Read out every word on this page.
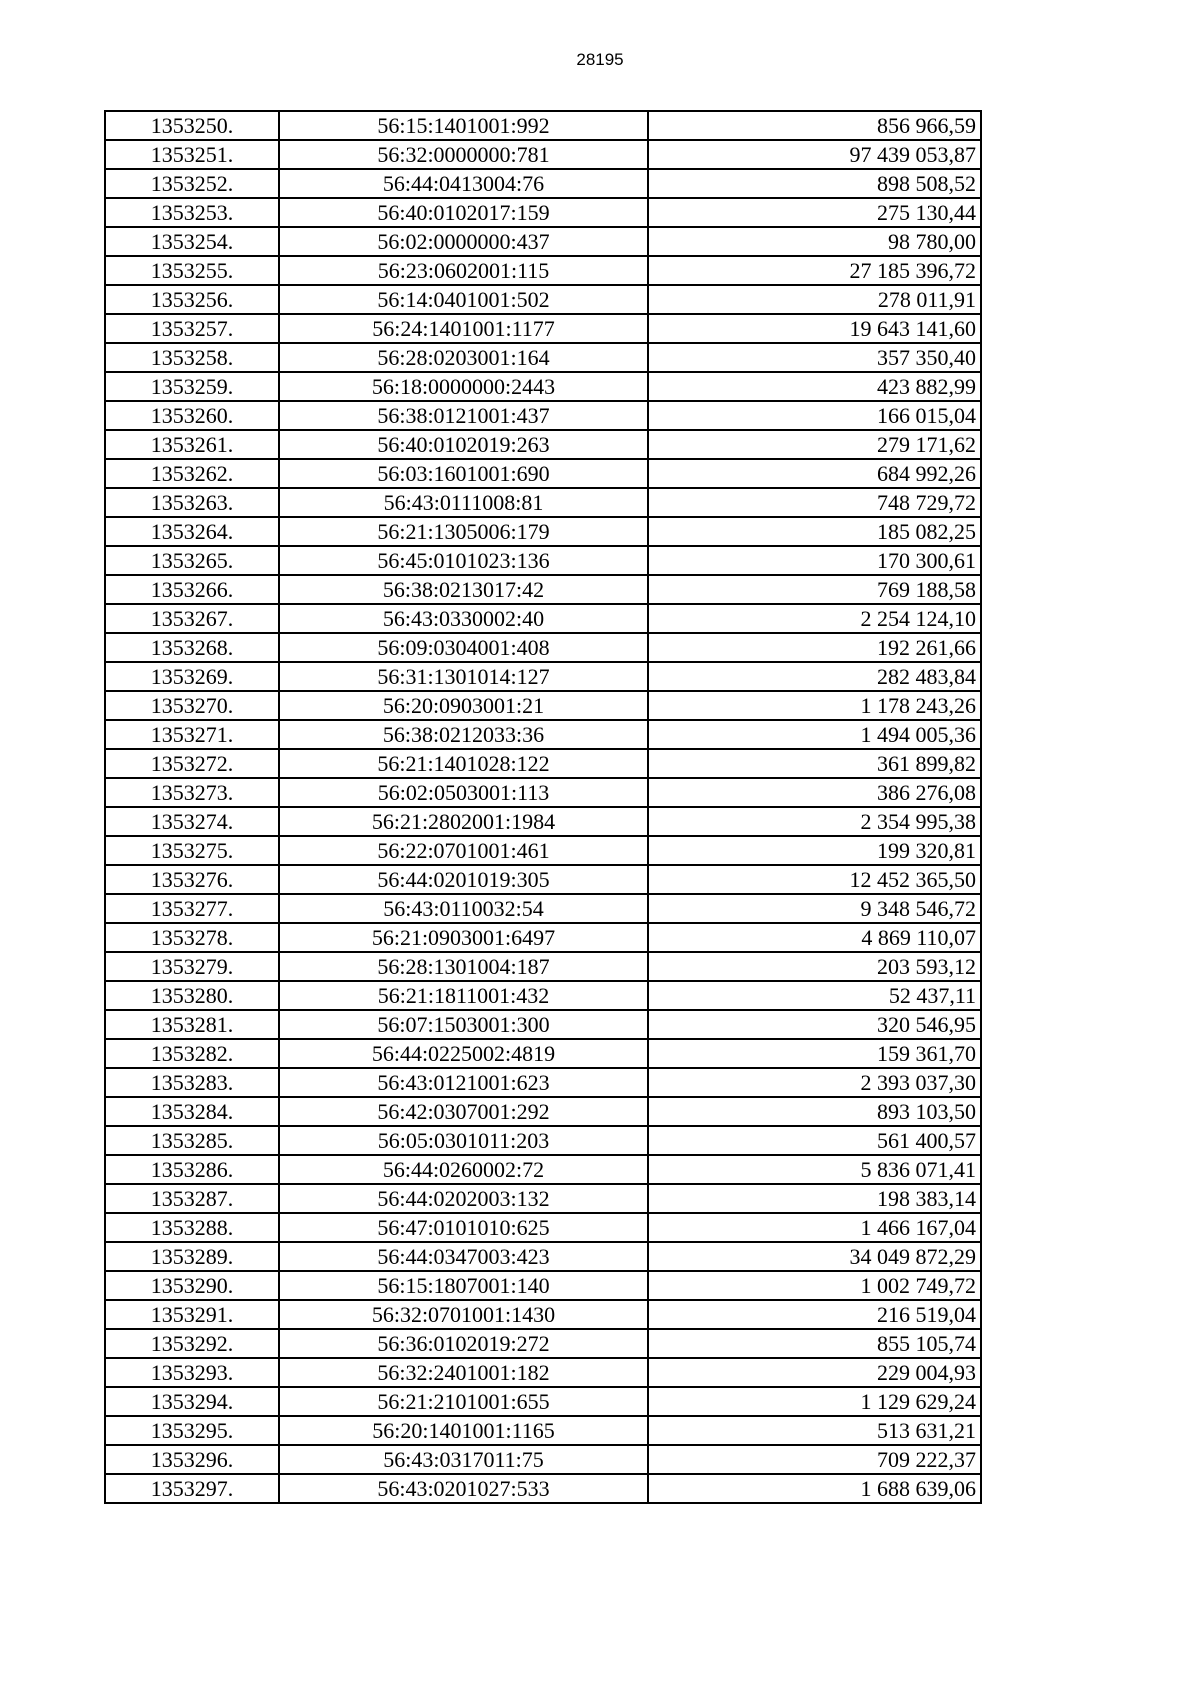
28195
1353250.	56:15:1401001:992	856 966,59
1353251.	56:32:0000000:781	97 439 053,87
1353252.	56:44:0413004:76	898 508,52
1353253.	56:40:0102017:159	275 130,44
1353254.	56:02:0000000:437	98 780,00
1353255.	56:23:0602001:115	27 185 396,72
1353256.	56:14:0401001:502	278 011,91
1353257.	56:24:1401001:1177	19 643 141,60
1353258.	56:28:0203001:164	357 350,40
1353259.	56:18:0000000:2443	423 882,99
1353260.	56:38:0121001:437	166 015,04
1353261.	56:40:0102019:263	279 171,62
1353262.	56:03:1601001:690	684 992,26
1353263.	56:43:0111008:81	748 729,72
1353264.	56:21:1305006:179	185 082,25
1353265.	56:45:0101023:136	170 300,61
1353266.	56:38:0213017:42	769 188,58
1353267.	56:43:0330002:40	2 254 124,10
1353268.	56:09:0304001:408	192 261,66
1353269.	56:31:1301014:127	282 483,84
1353270.	56:20:0903001:21	1 178 243,26
1353271.	56:38:0212033:36	1 494 005,36
1353272.	56:21:1401028:122	361 899,82
1353273.	56:02:0503001:113	386 276,08
1353274.	56:21:2802001:1984	2 354 995,38
1353275.	56:22:0701001:461	199 320,81
1353276.	56:44:0201019:305	12 452 365,50
1353277.	56:43:0110032:54	9 348 546,72
1353278.	56:21:0903001:6497	4 869 110,07
1353279.	56:28:1301004:187	203 593,12
1353280.	56:21:1811001:432	52 437,11
1353281.	56:07:1503001:300	320 546,95
1353282.	56:44:0225002:4819	159 361,70
1353283.	56:43:0121001:623	2 393 037,30
1353284.	56:42:0307001:292	893 103,50
1353285.	56:05:0301011:203	561 400,57
1353286.	56:44:0260002:72	5 836 071,41
1353287.	56:44:0202003:132	198 383,14
1353288.	56:47:0101010:625	1 466 167,04
1353289.	56:44:0347003:423	34 049 872,29
1353290.	56:15:1807001:140	1 002 749,72
1353291.	56:32:0701001:1430	216 519,04
1353292.	56:36:0102019:272	855 105,74
1353293.	56:32:2401001:182	229 004,93
1353294.	56:21:2101001:655	1 129 629,24
1353295.	56:20:1401001:1165	513 631,21
1353296.	56:43:0317011:75	709 222,37
1353297.	56:43:0201027:533	1 688 639,06
